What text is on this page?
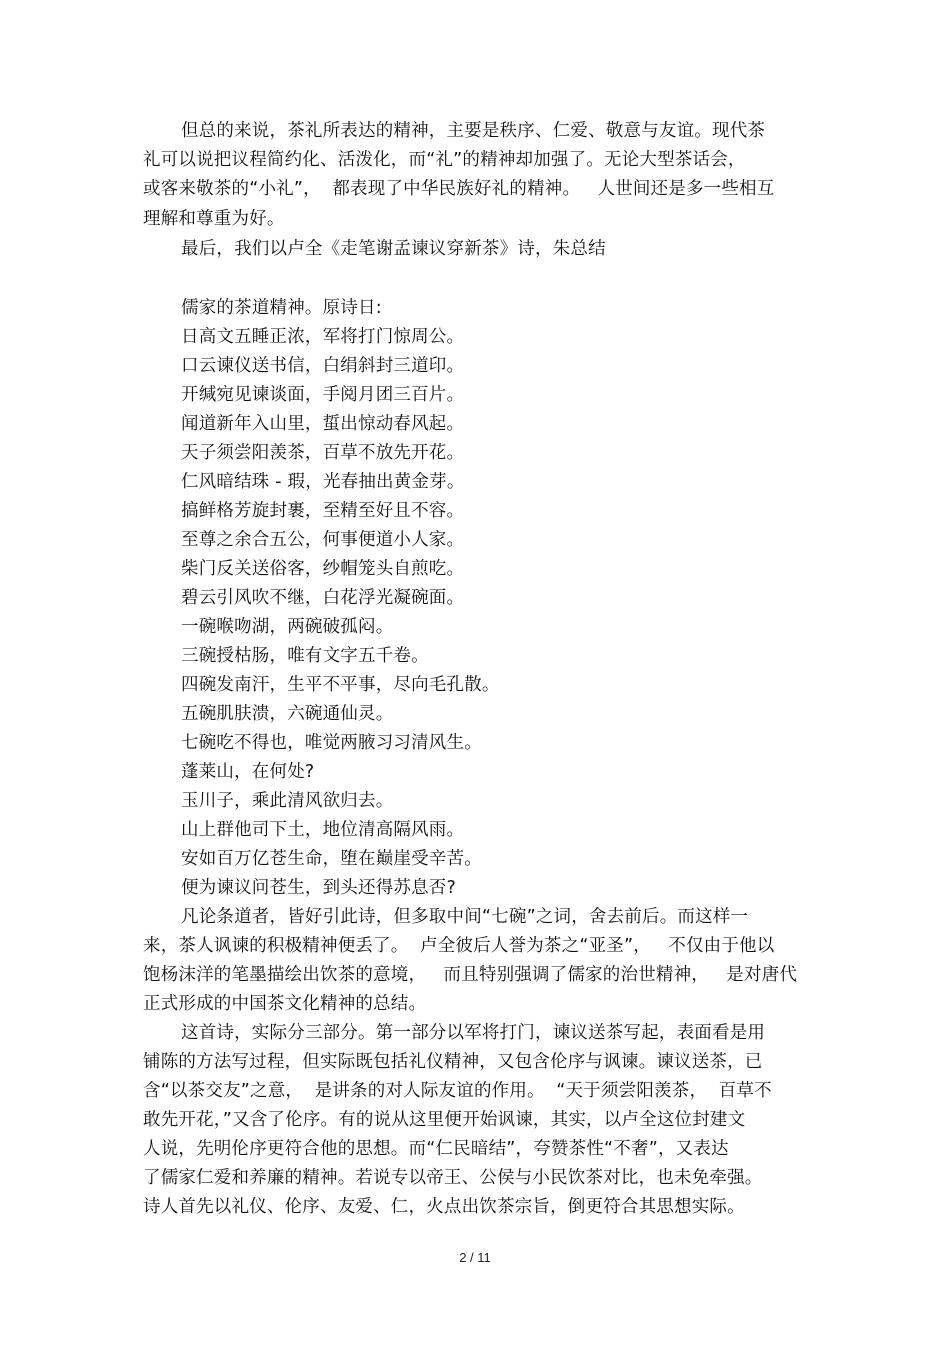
但总的来说，茶礼所表达的精神，主要是秩序、仁爱、敬意与友谊。现代茶
礼可以说把议程简约化、活泼化，而“礼”的精神却加强了。无论大型茶话会，
或客来敬茶的“小礼”，  都表现了中华民族好礼的精神。   人世间还是多一些相互
理解和尊重为好。
最后，我们以卢全《走笔谢孟谏议穿新茶》诗，朱总结
儒家的茶道精神。原诗日:
日高文五睡正浓，军将打门惊周公。
口云谏仪送书信，白绢斜封三道印。
开缄宛见谏谈面，手阅月团三百片。
闻道新年入山里，蜇出惊动春风起。
天子须尝阳羡茶，百草不放先开花。
仁风暗结珠 - 瑕，光春抽出黄金芽。
搞鲜格芳旋封裹，至精至好且不容。
至尊之余合五公，何事便道小人家。
柴门反关送俗客，纱帽笼头自煎吃。
碧云引风吹不继，白花浮光凝碗面。
一碗喉吻湖，两碗破孤闷。
三碗授枯肠，唯有文字五千卷。
四碗发南汗，生平不平事，尽向毛孔散。
五碗肌肤溃，六碗通仙灵。
七碗吃不得也，唯觉两腋习习清风生。
蓬莱山，在何处?
玉川子，乘此清风欲归去。
山上群他司下土，地位清高隔风雨。
安如百万亿苍生命，堕在巅崖受辛苦。
便为谏议问苍生，到头还得苏息否?
凡论条道者，皆好引此诗，但多取中间“七碗”之词，舍去前后。而这样一
来，茶人讽谏的积极精神便丢了。  卢全彼后人誉为茶之“亚圣”，   不仅由于他以
饱杨沫洋的笔墨描绘出饮茶的意境，   而且特别强调了儒家的治世精神，   是对唐代
正式形成的中国茶文化精神的总结。
这首诗，实际分三部分。第一部分以军将打门，谏议送茶写起，表面看是用
铺陈的方法写过程，但实际既包括礼仪精神，又包含伦序与讽谏。谏议送茶，已
含“以茶交友”之意，  是讲条的对人际友谊的作用。  “天于须尝阳羡茶，  百草不
敢先开花，”又含了伦序。有的说从这里便开始讽谏，其实，以卢全这位封建文
人说，先明伦序更符合他的思想。而“仁民暗结”，夸赞茶性“不奢”，又表达
了儒家仁爱和养廉的精神。若说专以帝王、公侯与小民饮茶对比，也未免牵强。
诗人首先以礼仪、伦序、友爱、仁，火点出饮茶宗旨，倒更符合其思想实际。
2 / 11
